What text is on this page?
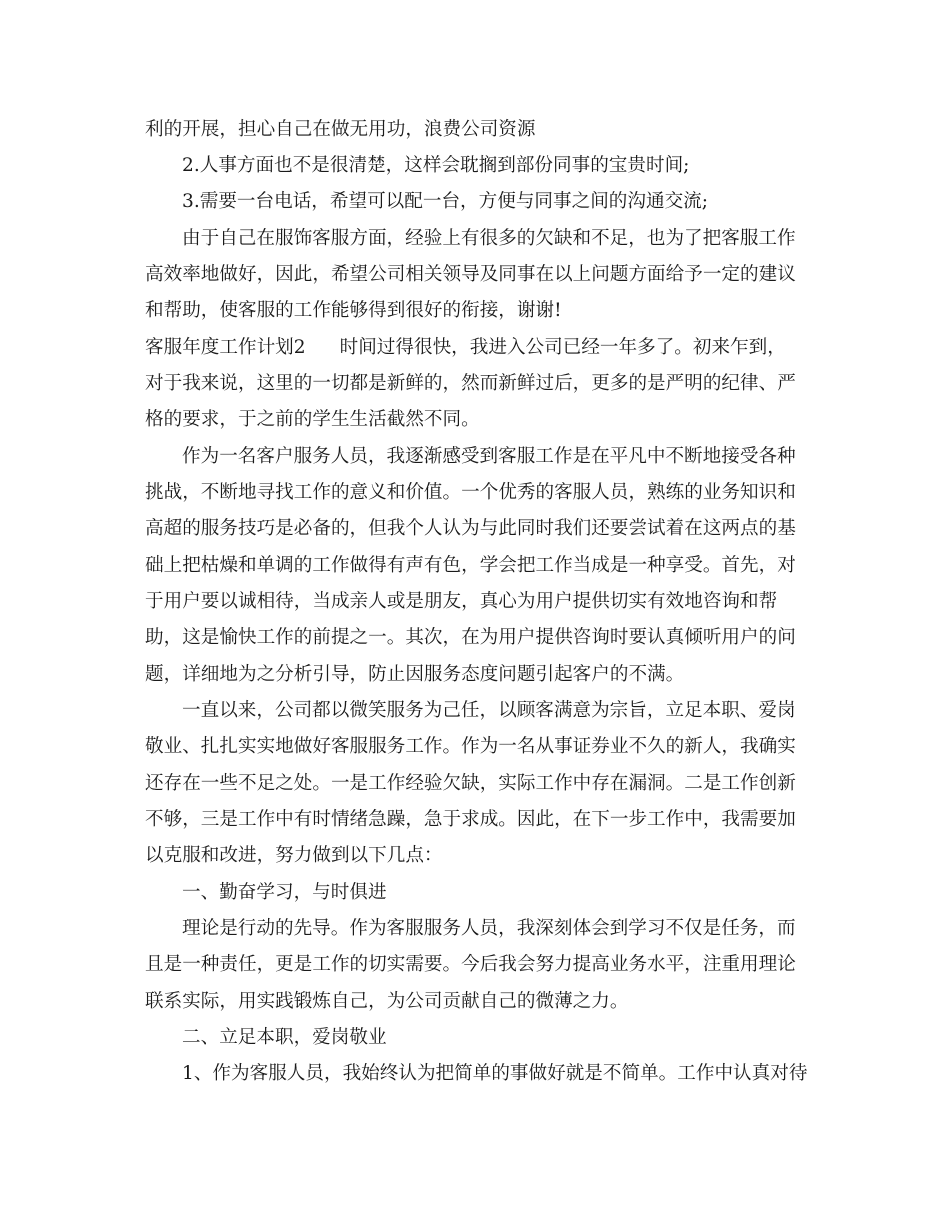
利的开展，担心自己在做无用功，浪费公司资源

2.人事方面也不是很清楚，这样会耽搁到部份同事的宝贵时间;

3.需要一台电话，希望可以配一台，方便与同事之间的沟通交流;

由于自己在服饰客服方面，经验上有很多的欠缺和不足，也为了把客服工作

高效率地做好，因此，希望公司相关领导及同事在以上问题方面给予一定的建议

和帮助，使客服的工作能够得到很好的衔接，谢谢!

客服年度工作计划2 时间过得很快，我进入公司已经一年多了。初来乍到，

对于我来说，这里的一切都是新鲜的，然而新鲜过后，更多的是严明的纪律、严

格的要求，于之前的学生生活截然不同。

作为一名客户服务人员，我逐渐感受到客服工作是在平凡中不断地接受各种

挑战，不断地寻找工作的意义和价值。一个优秀的客服人员，熟练的业务知识和

高超的服务技巧是必备的，但我个人认为与此同时我们还要尝试着在这两点的基

础上把枯燥和单调的工作做得有声有色，学会把工作当成是一种享受。首先，对

于用户要以诚相待，当成亲人或是朋友，真心为用户提供切实有效地咨询和帮

助，这是愉快工作的前提之一。其次，在为用户提供咨询时要认真倾听用户的问

题，详细地为之分析引导，防止因服务态度问题引起客户的不满。

一直以来，公司都以微笑服务为己任，以顾客满意为宗旨，立足本职、爱岗

敬业、扎扎实实地做好客服服务工作。作为一名从事证券业不久的新人，我确实

还存在一些不足之处。一是工作经验欠缺，实际工作中存在漏洞。二是工作创新

不够，三是工作中有时情绪急躁，急于求成。因此，在下一步工作中，我需要加

以克服和改进，努力做到以下几点：

一、勤奋学习，与时俱进

理论是行动的先导。作为客服服务人员，我深刻体会到学习不仅是任务，而

且是一种责任，更是工作的切实需要。今后我会努力提高业务水平，注重用理论

联系实际，用实践锻炼自己，为公司贡献自己的微薄之力。

二、立足本职，爱岗敬业

1、作为客服人员，我始终认为把简单的事做好就是不简单。工作中认真对待
